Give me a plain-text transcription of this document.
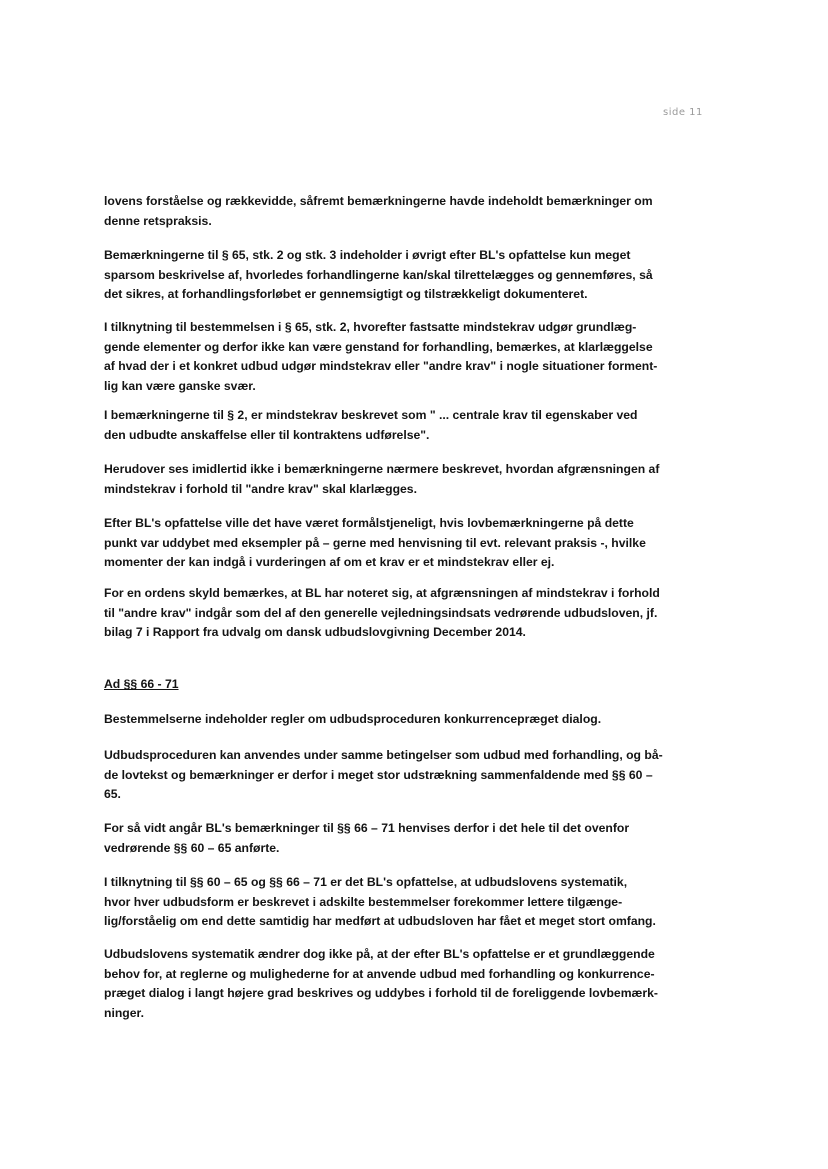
side 11

lovens forståelse og rækkevidde, såfremt bemærkningerne havde indeholdt bemærkninger om
denne retspraksis.

Bemærkningerne til § 65, stk. 2 og stk. 3 indeholder i øvrigt efter BL's opfattelse kun meget
sparsom beskrivelse af, hvorledes forhandlingerne kan/skal tilrettelægges og gennemføres, så
det sikres, at forhandlingsforløbet er gennemsigtigt og tilstrækkeligt dokumenteret.

I tilknytning til bestemmelsen i § 65, stk. 2, hvorefter fastsatte mindstekrav udgør grundlæg-
gende elementer og derfor ikke kan være genstand for forhandling, bemærkes, at klarlæggelse
af hvad der i et konkret udbud udgør mindstekrav eller "andre krav" i nogle situationer forment-
lig kan være ganske svær.

I bemærkningerne til § 2, er mindstekrav beskrevet som " ... centrale krav til egenskaber ved
den udbudte anskaffelse eller til kontraktens udførelse".

Herudover ses imidlertid ikke i bemærkningerne nærmere beskrevet, hvordan afgrænsningen af
mindstekrav i forhold til "andre krav" skal klarlægges.

Efter BL's opfattelse ville det have været formålstjeneligt, hvis lovbemærkningerne på dette
punkt var uddybet med eksempler på – gerne med henvisning til evt. relevant praksis -, hvilke
momenter der kan indgå i vurderingen af om et krav er et mindstekrav eller ej.

For en ordens skyld bemærkes, at BL har noteret sig, at afgrænsningen af mindstekrav i forhold
til "andre krav" indgår som del af den generelle vejledningsindsats vedrørende udbudsloven, jf.
bilag 7 i Rapport fra udvalg om dansk udbudslovgivning December 2014.

Ad §§ 66 - 71

Bestemmelserne indeholder regler om udbudsproceduren konkurrencepræget dialog.

Udbudsproceduren kan anvendes under samme betingelser som udbud med forhandling, og bå-
de lovtekst og bemærkninger er derfor i meget stor udstrækning sammenfaldende med §§ 60 –
65.

For så vidt angår BL's bemærkninger til §§ 66 – 71 henvises derfor i det hele til det ovenfor
vedrørende §§ 60 – 65 anførte.

I tilknytning til §§ 60 – 65 og §§ 66 – 71 er det BL's opfattelse, at udbudslovens systematik,
hvor hver udbudsform er beskrevet i adskilte bestemmelser forekommer lettere tilgænge-
lig/forståelig om end dette samtidig har medført at udbudsloven har fået et meget stort omfang.

Udbudslovens systematik ændrer dog ikke på, at der efter BL's opfattelse er et grundlæggende
behov for, at reglerne og mulighederne for at anvende udbud med forhandling og konkurrence-
præget dialog i langt højere grad beskrives og uddybes i forhold til de foreliggende lovbemærk-
ninger.
